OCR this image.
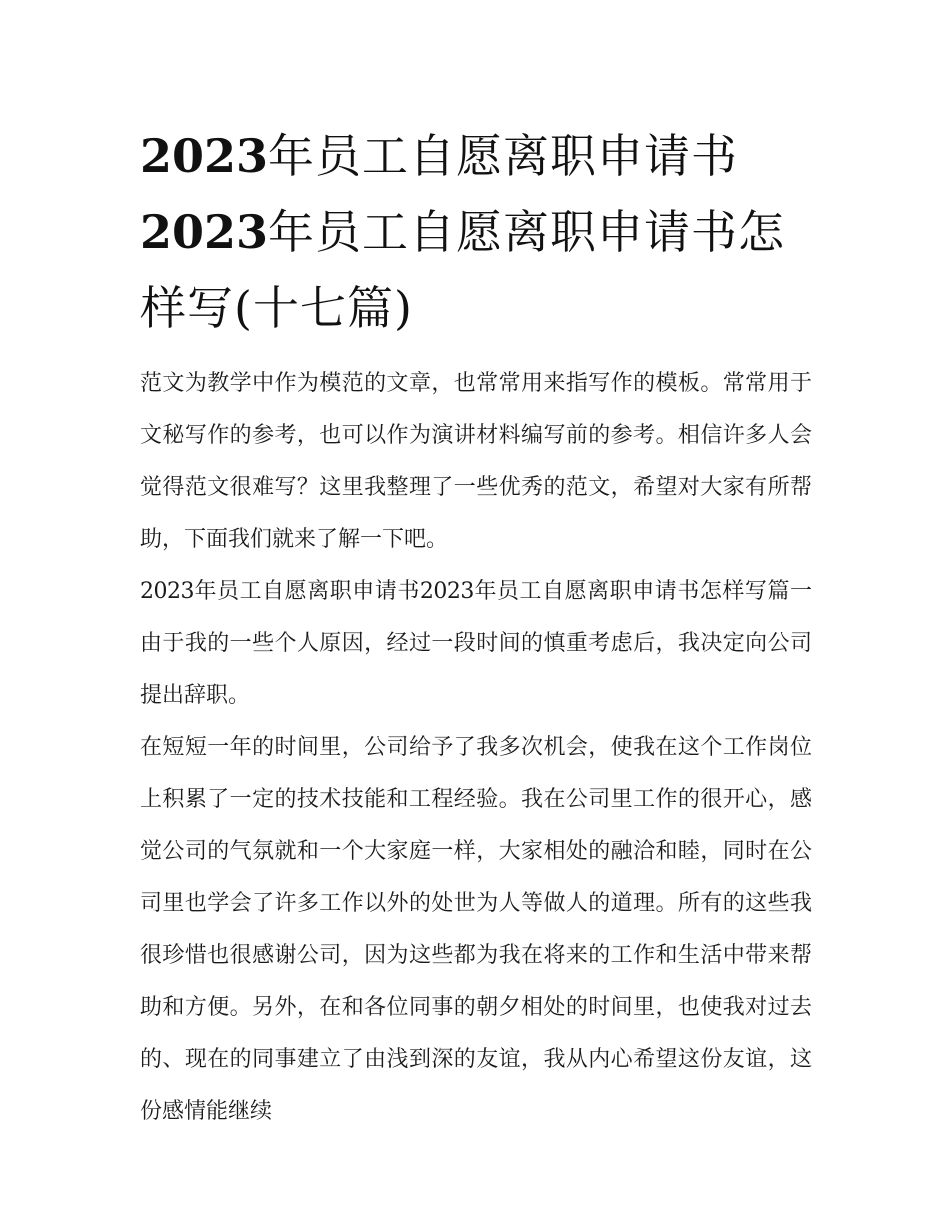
2023年员工自愿离职申请书
2023年员工自愿离职申请书怎样写(十七篇)

范文为教学中作为模范的文章，也常常用来指写作的模板。常常用于文秘写作的参考，也可以作为演讲材料编写前的参考。相信许多人会觉得范文很难写？这里我整理了一些优秀的范文，希望对大家有所帮助，下面我们就来了解一下吧。

2023年员工自愿离职申请书2023年员工自愿离职申请书怎样写篇一 由于我的一些个人原因，经过一段时间的慎重考虑后，我决定向公司提出辞职。

在短短一年的时间里，公司给予了我多次机会，使我在这个工作岗位上积累了一定的技术技能和工程经验。我在公司里工作的很开心，感觉公司的气氛就和一个大家庭一样，大家相处的融洽和睦，同时在公司里也学会了许多工作以外的处世为人等做人的道理。所有的这些我很珍惜也很感谢公司，因为这些都为我在将来的工作和生活中带来帮助和方便。另外，在和各位同事的朝夕相处的时间里，也使我对过去的、现在的同事建立了由浅到深的友谊，我从内心希望这份友谊，这份感情能继续
